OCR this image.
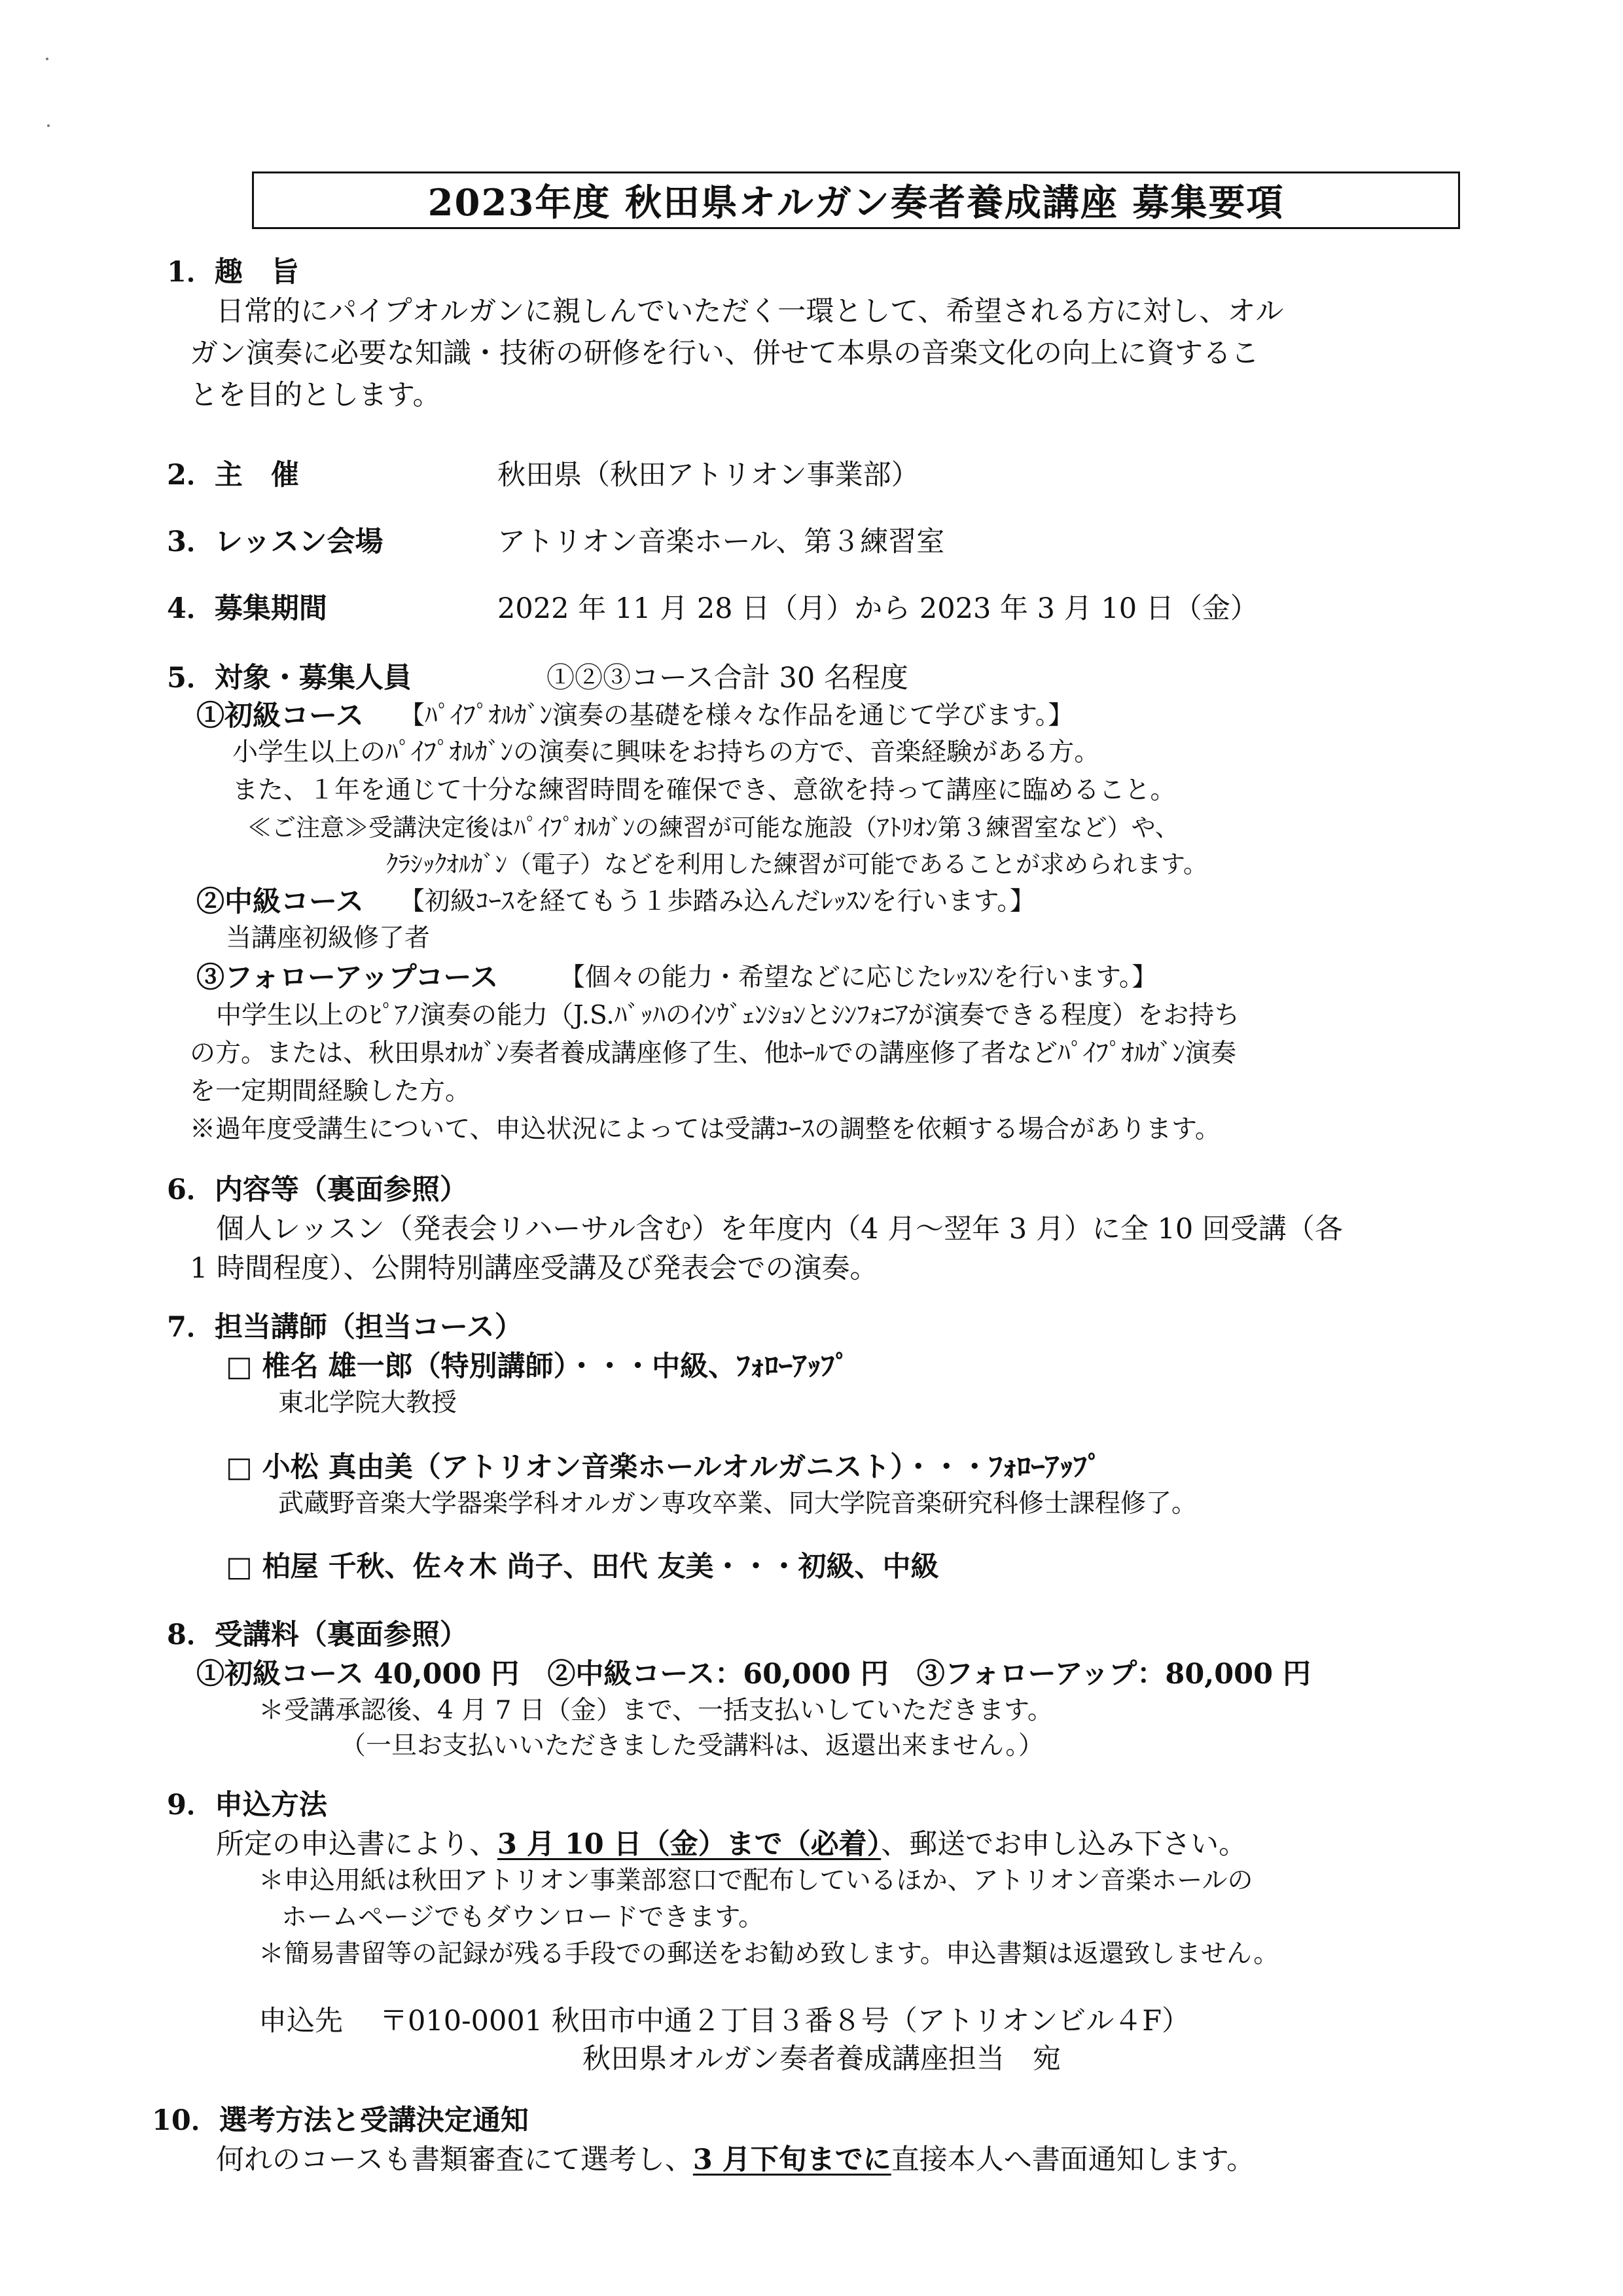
2023年度 秋田県オルガン奏者養成講座 募集要項
1．趣　旨
日常的にパイプオルガンに親しんでいただく一環として、希望される方に対し、オル
ガン演奏に必要な知識・技術の研修を行い、併せて本県の音楽文化の向上に資するこ
とを目的とします。
2．主　催	秋田県（秋田アトリオン事業部）
3．レッスン会場	アトリオン音楽ホール、第３練習室
4．募集期間	2022 年 11 月 28 日（月）から 2023 年 3 月 10 日（金）
5．対象・募集人員	①②③コース合計 30 名程度
①初級コース 【ﾊﾟｲﾌﾟｵﾙｶﾞﾝ演奏の基礎を様々な作品を通じて学びます。】
小学生以上のﾊﾟｲﾌﾟｵﾙｶﾞﾝの演奏に興味をお持ちの方で、音楽経験がある方。
また、１年を通じて十分な練習時間を確保でき、意欲を持って講座に臨めること。
≪ご注意≫受講決定後はﾊﾟｲﾌﾟｵﾙｶﾞﾝの練習が可能な施設（ｱﾄﾘｵﾝ第３練習室など）や、
ｸﾗｼｯｸｵﾙｶﾞﾝ（電子）などを利用した練習が可能であることが求められます。
②中級コース 【初級ｺｰｽを経てもう１歩踏み込んだﾚｯｽﾝを行います。】
当講座初級修了者
③フォローアップコース 【個々の能力・希望などに応じたﾚｯｽﾝを行います。】
中学生以上のﾋﾟｱﾉ演奏の能力（J.S.ﾊﾞｯﾊのｲﾝｳﾞｪﾝｼｮﾝとｼﾝﾌｫﾆｱが演奏できる程度）をお持ち
の方。または、秋田県ｵﾙｶﾞﾝ奏者養成講座修了生、他ﾎｰﾙでの講座修了者などﾊﾟｲﾌﾟｵﾙｶﾞﾝ演奏
を一定期間経験した方。
※過年度受講生について、申込状況によっては受講ｺｰｽの調整を依頼する場合があります。
6．内容等（裏面参照）
個人レッスン（発表会リハーサル含む）を年度内（4 月～翌年 3 月）に全 10 回受講（各
1 時間程度）、公開特別講座受講及び発表会での演奏。
7．担当講師（担当コース）
□ 椎名 雄一郎（特別講師）・・・中級、ﾌｫﾛｰｱｯﾌﾟ
東北学院大教授
□ 小松 真由美（アトリオン音楽ホールオルガニスト）・・・ﾌｫﾛｰｱｯﾌﾟ
武蔵野音楽大学器楽学科オルガン専攻卒業、同大学院音楽研究科修士課程修了。
□ 柏屋 千秋、佐々木 尚子、田代 友美・・・初級、中級
8．受講料（裏面参照）
①初級コース 40,000 円　②中級コース：60,000 円　③フォローアップ：80,000 円
＊受講承認後、4 月 7 日（金）まで、一括支払いしていただきます。
（一旦お支払いいただきました受講料は、返還出来ません。）
9．申込方法
所定の申込書により、3 月 10 日（金）まで（必着）、郵送でお申し込み下さい。
＊申込用紙は秋田アトリオン事業部窓口で配布しているほか、アトリオン音楽ホールの
ホームページでもダウンロードできます。
＊簡易書留等の記録が残る手段での郵送をお勧め致します。申込書類は返還致しません。
申込先 〒010-0001 秋田市中通２丁目３番８号（アトリオンビル４F）
秋田県オルガン奏者養成講座担当　宛
10．選考方法と受講決定通知
何れのコースも書類審査にて選考し、3 月下旬までに直接本人へ書面通知します。
